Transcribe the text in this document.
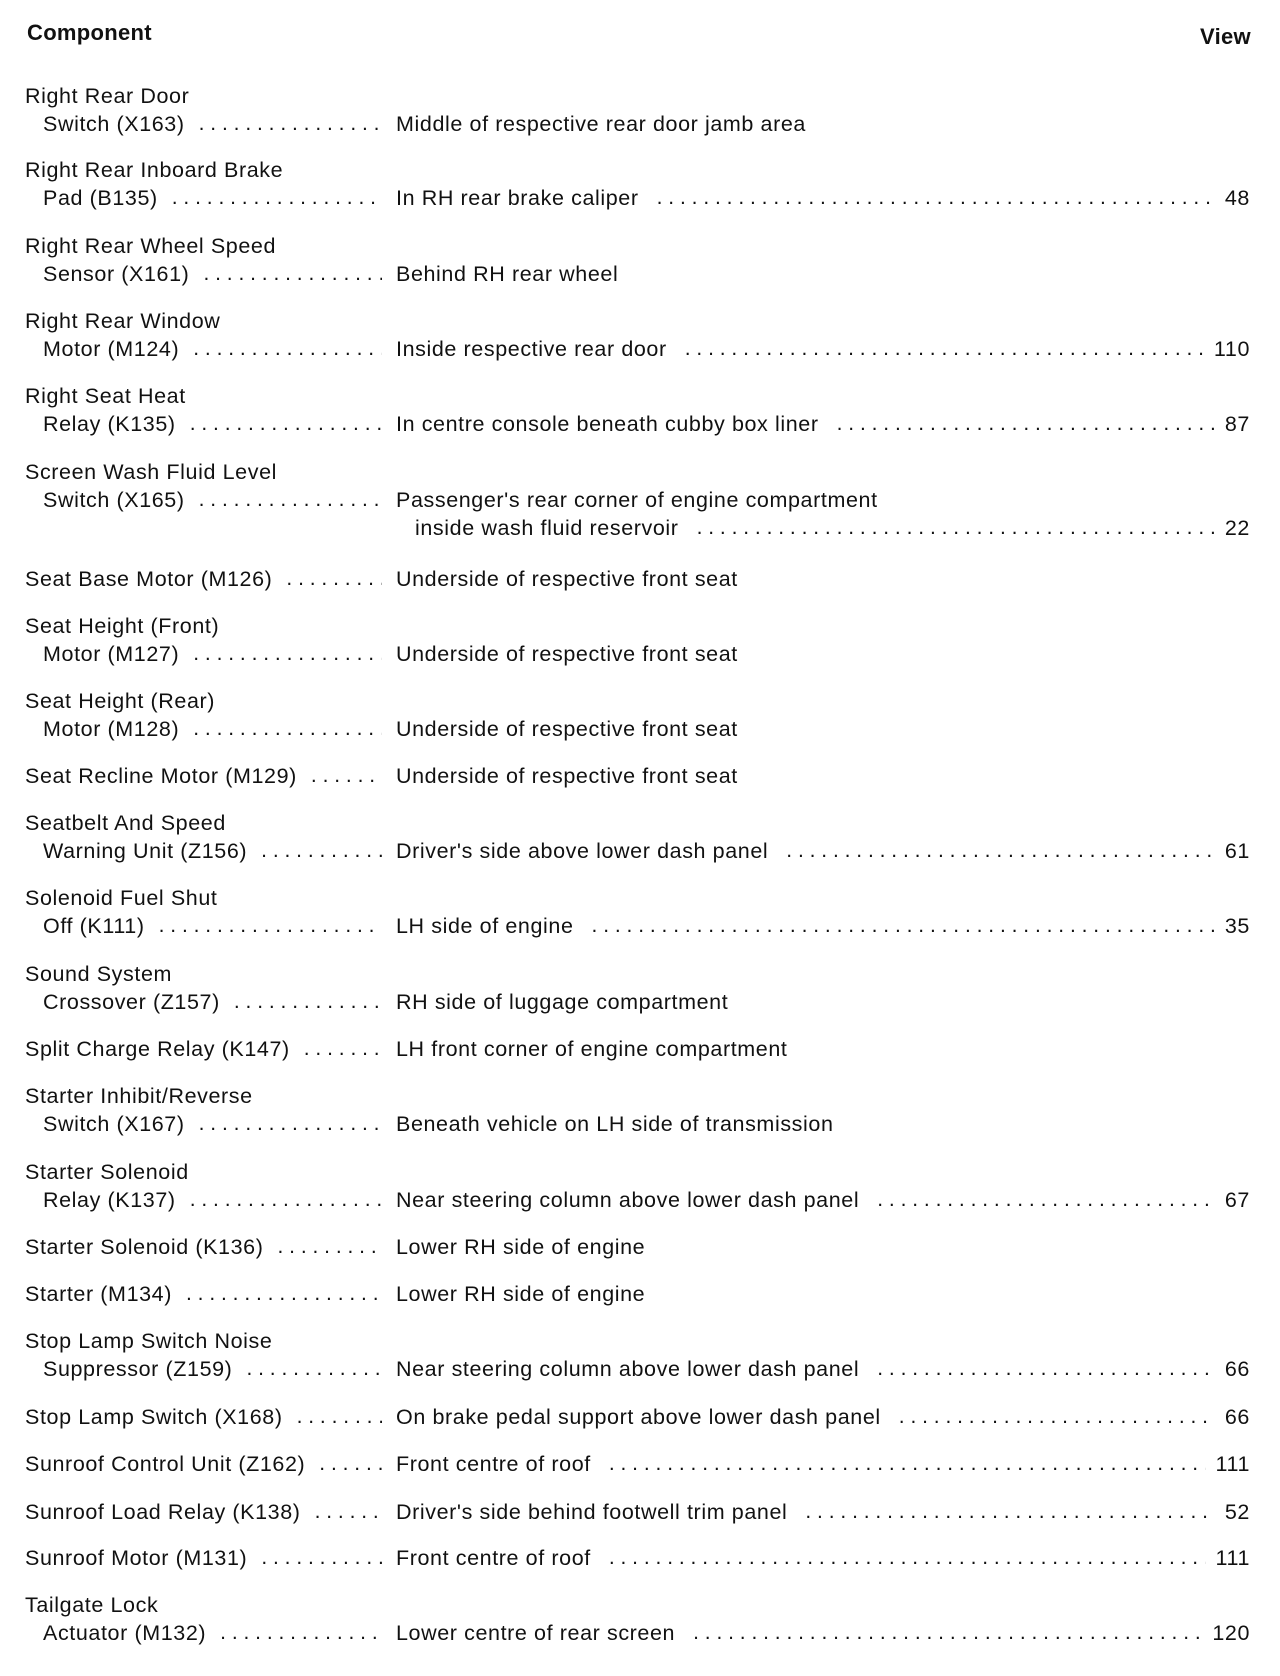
Component	View
Right Rear Door
Switch (X163) . . .	Middle of respective rear door jamb area
Right Rear Inboard Brake
Pad (B135) . . .	In RH rear brake caliper . . .	48
Right Rear Wheel Speed
Sensor (X161) . . .	Behind RH rear wheel
Right Rear Window
Motor (M124) . . .	Inside respective rear door . . .	110
Right Seat Heat
Relay (K135) . . .	In centre console beneath cubby box liner . . .	87
Screen Wash Fluid Level
Switch (X165) . . .	Passenger's rear corner of engine compartment
inside wash fluid reservoir . . .	22
Seat Base Motor (M126) . . .	Underside of respective front seat
Seat Height (Front)
Motor (M127) . . .	Underside of respective front seat
Seat Height (Rear)
Motor (M128) . . .	Underside of respective front seat
Seat Recline Motor (M129) . . .	Underside of respective front seat
Seatbelt And Speed
Warning Unit (Z156) . . .	Driver's side above lower dash panel . . .	61
Solenoid Fuel Shut
Off (K111) . . .	LH side of engine . . .	35
Sound System
Crossover (Z157) . . .	RH side of luggage compartment
Split Charge Relay (K147) . . .	LH front corner of engine compartment
Starter Inhibit/Reverse
Switch (X167) . . .	Beneath vehicle on LH side of transmission
Starter Solenoid
Relay (K137) . . .	Near steering column above lower dash panel . . .	67
Starter Solenoid (K136) . . .	Lower RH side of engine
Starter (M134) . . .	Lower RH side of engine
Stop Lamp Switch Noise
Suppressor (Z159) . . .	Near steering column above lower dash panel . . .	66
Stop Lamp Switch (X168) . . .	On brake pedal support above lower dash panel . . .	66
Sunroof Control Unit (Z162) . . .	Front centre of roof . . .	111
Sunroof Load Relay (K138) . . .	Driver's side behind footwell trim panel . . .	52
Sunroof Motor (M131) . . .	Front centre of roof . . .	111
Tailgate Lock
Actuator (M132) . . .	Lower centre of rear screen . . .	120
